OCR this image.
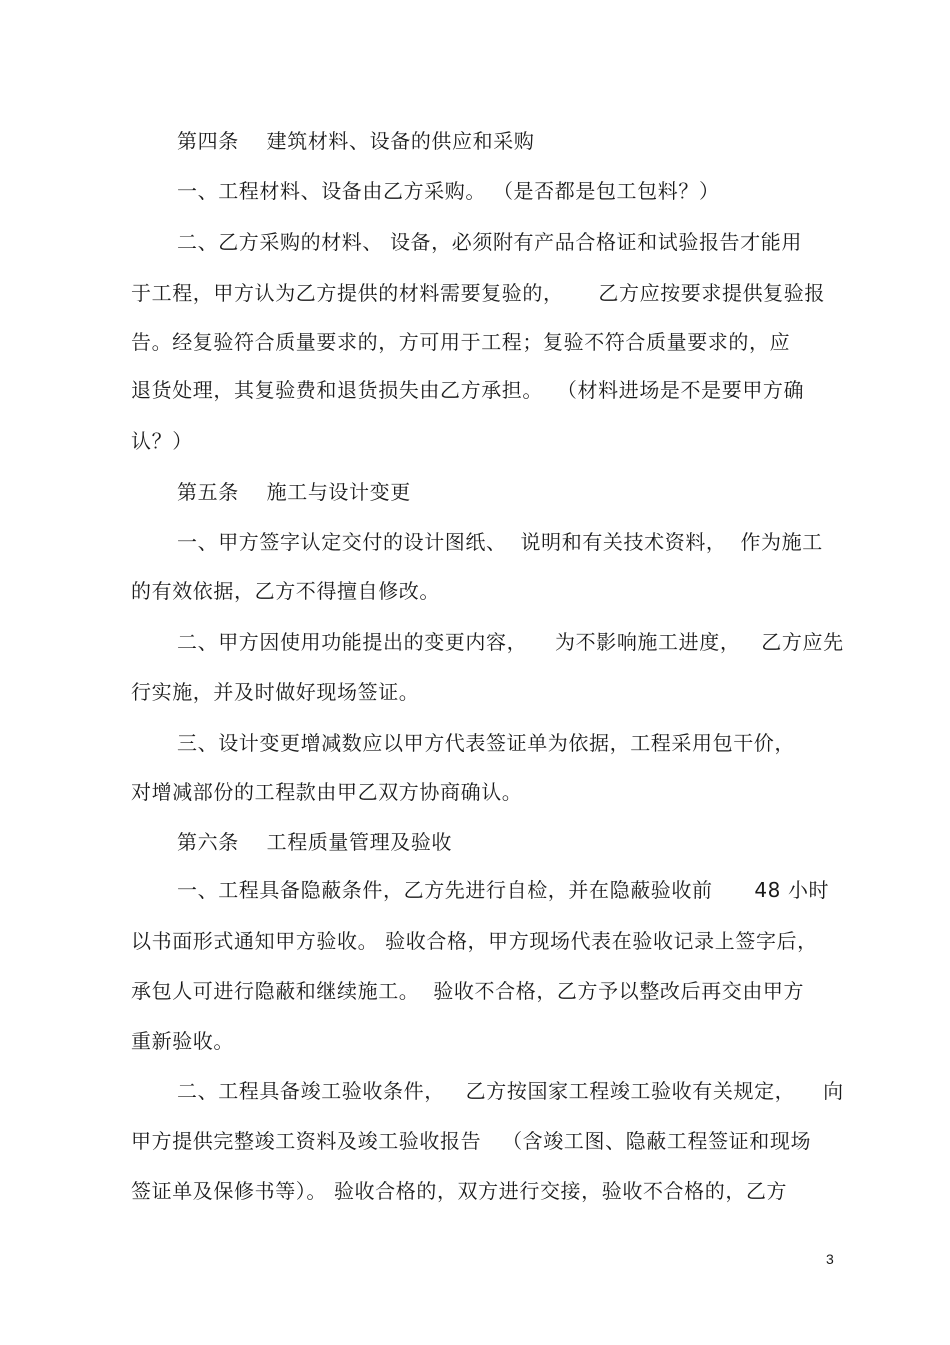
第四条    建筑材料、设备的供应和采购
一、工程材料、设备由乙方采购。 （是否都是包工包料？）
二、乙方采购的材料、 设备，必须附有产品合格证和试验报告才能用
于工程，甲方认为乙方提供的材料需要复验的，     乙方应按要求提供复验报
告。经复验符合质量要求的，方可用于工程；复验不符合质量要求的，应
退货处理，其复验费和退货损失由乙方承担。  （材料进场是不是要甲方确
认？）
第五条    施工与设计变更
一、甲方签字认定交付的设计图纸、  说明和有关技术资料，  作为施工
的有效依据，乙方不得擅自修改。
二、甲方因使用功能提出的变更内容，    为不影响施工进度，   乙方应先
行实施，并及时做好现场签证。
三、设计变更增减数应以甲方代表签证单为依据，工程采用包干价，
对增减部份的工程款由甲乙双方协商确认。
第六条    工程质量管理及验收
一、工程具备隐蔽条件，乙方先进行自检，并在隐蔽验收前      48 小时
以书面形式通知甲方验收。 验收合格，甲方现场代表在验收记录上签字后，
承包人可进行隐蔽和继续施工。  验收不合格，乙方予以整改后再交由甲方
重新验收。
二、工程具备竣工验收条件，   乙方按国家工程竣工验收有关规定，    向
甲方提供完整竣工资料及竣工验收报告   （含竣工图、隐蔽工程签证和现场
签证单及保修书等）。 验收合格的，双方进行交接，验收不合格的，乙方
3
